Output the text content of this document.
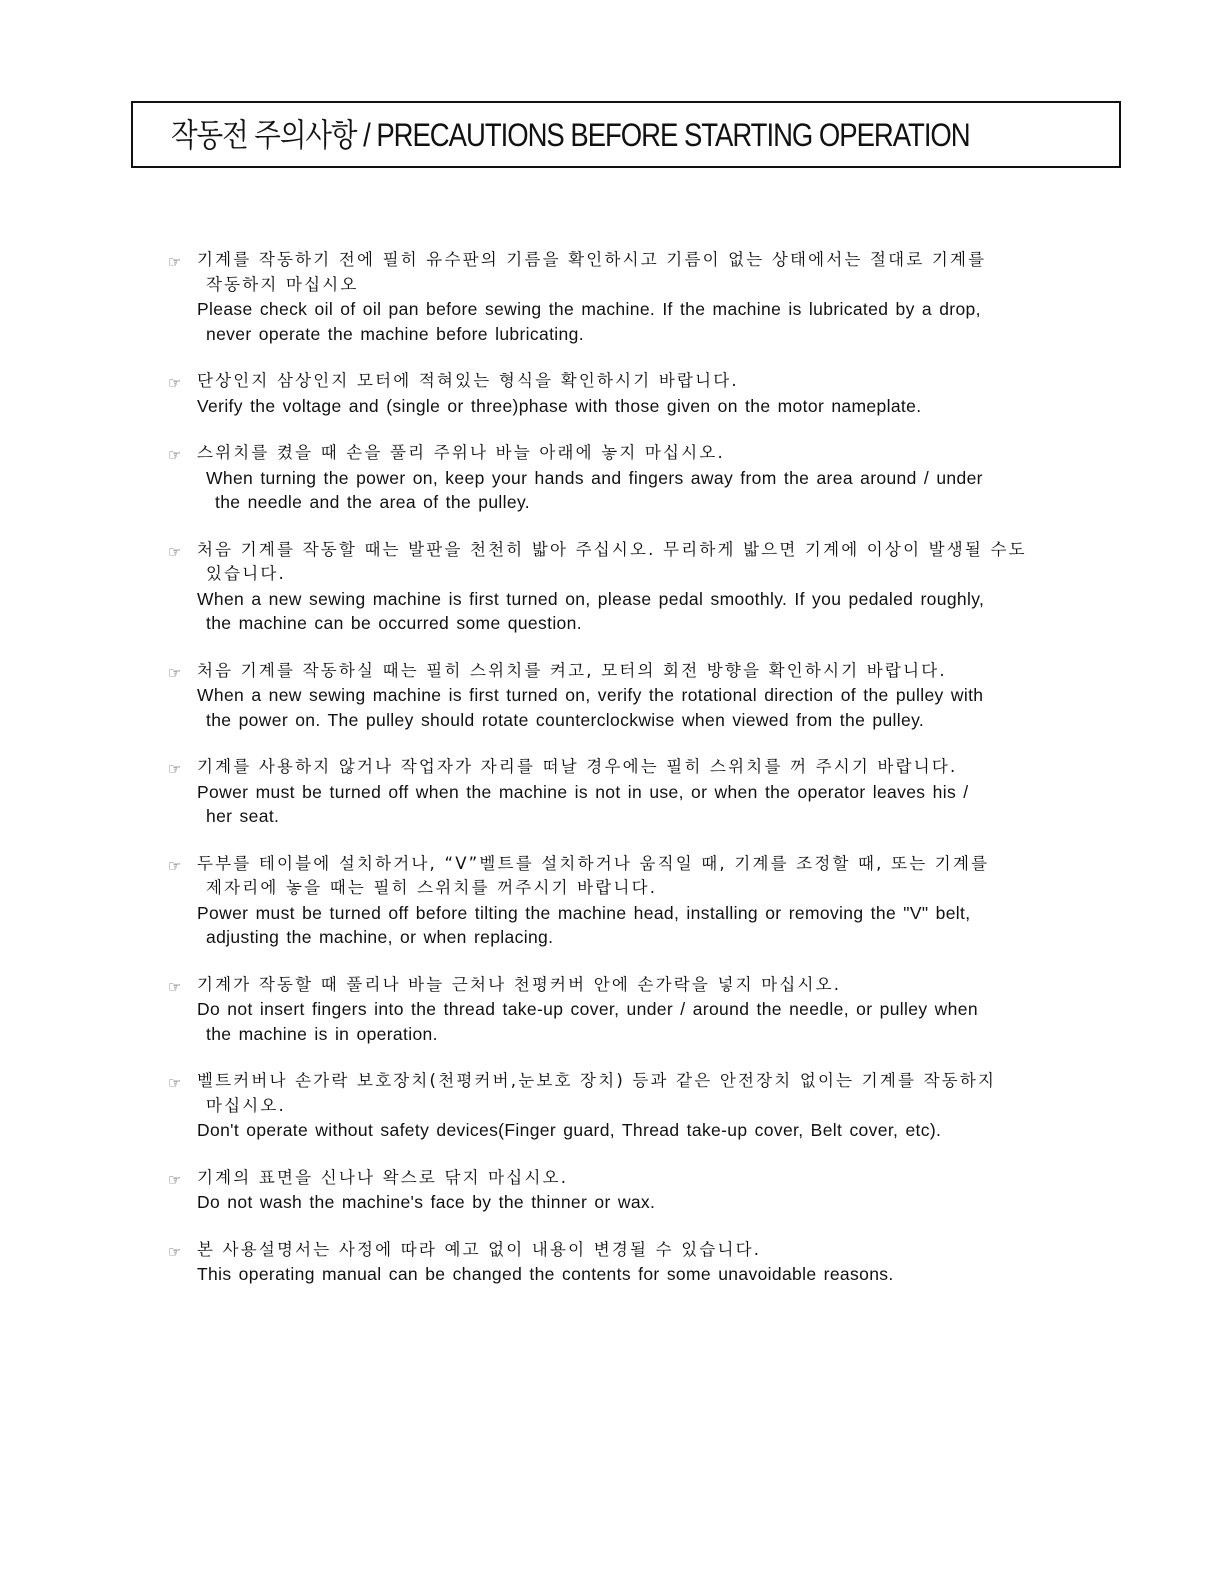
작동전 주의사항 / PRECAUTIONS BEFORE STARTING OPERATION
☞ 기계를 작동하기 전에 필히 유수판의 기름을 확인하시고 기름이 없는 상태에서는 절대로 기계를
작동하지 마십시오
Please check oil of oil pan before sewing the machine. If the machine is lubricated by a drop,
never operate the machine before lubricating.
☞ 단상인지 삼상인지 모터에 적혀있는 형식을 확인하시기 바랍니다.
Verify the voltage and (single or three)phase with those given on the motor nameplate.
☞ 스위치를 켰을 때 손을 풀리 주위나 바늘 아래에 놓지 마십시오.
When turning the power on, keep your hands and fingers away from the area around / under
the needle and the area of the pulley.
☞ 처음 기계를 작동할 때는 발판을 천천히 밟아 주십시오. 무리하게 밟으면 기계에 이상이 발생될 수도
있습니다.
When a new sewing machine is first turned on, please pedal smoothly. If you pedaled roughly,
the machine can be occurred some question.
☞ 처음 기계를 작동하실 때는 필히 스위치를 켜고, 모터의 회전 방향을 확인하시기 바랍니다.
When a new sewing machine is first turned on, verify the rotational direction of the pulley with
the power on. The pulley should rotate counterclockwise when viewed from the pulley.
☞ 기계를 사용하지 않거나 작업자가 자리를 떠날 경우에는 필히 스위치를 꺼 주시기 바랍니다.
Power must be turned off when the machine is not in use, or when the operator leaves his /
her seat.
☞ 두부를 테이블에 설치하거나, “V”벨트를 설치하거나 움직일 때, 기계를 조정할 때, 또는 기계를
제자리에 놓을 때는 필히 스위치를 꺼주시기 바랍니다.
Power must be turned off before tilting the machine head, installing or removing the "V" belt,
adjusting the machine, or when replacing.
☞ 기계가 작동할 때 풀리나 바늘 근처나 천평커버 안에 손가락을 넣지 마십시오.
Do not insert fingers into the thread take-up cover, under / around the needle, or pulley when
the machine is in operation.
☞ 벨트커버나 손가락 보호장치(천평커버,눈보호 장치) 등과 같은 안전장치 없이는 기계를 작동하지
마십시오.
Don't operate without safety devices(Finger guard, Thread take-up cover, Belt cover, etc).
☞ 기계의 표면을 신나나 왁스로 닦지 마십시오.
Do not wash the machine's face by the thinner or wax.
☞ 본 사용설명서는 사정에 따라 예고 없이 내용이 변경될 수 있습니다.
This operating manual can be changed the contents for some unavoidable reasons.
